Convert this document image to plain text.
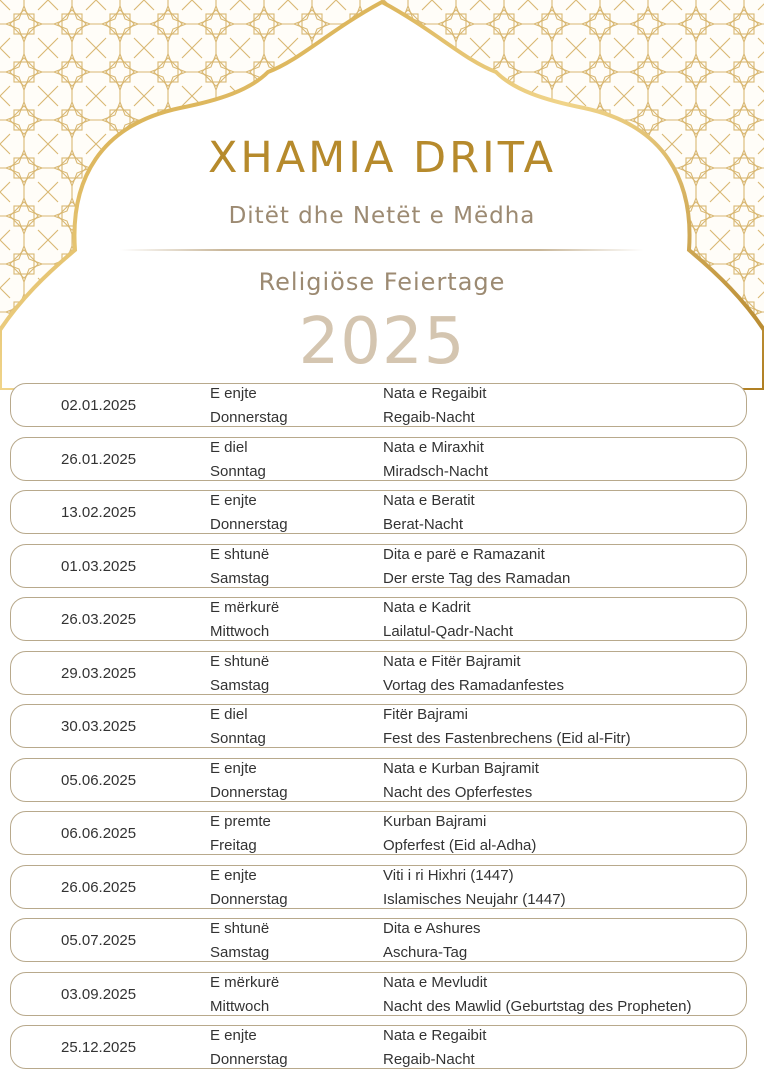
XHAMIA DRITA
Ditët dhe Netët e Mëdha
Religiöse Feiertage
2025
02.01.2025
E enjte
Donnerstag
Nata e Regaibit
Regaib-Nacht
26.01.2025
E diel
Sonntag
Nata e Miraxhit
Miradsch-Nacht
13.02.2025
E enjte
Donnerstag
Nata e Beratit
Berat-Nacht
01.03.2025
E shtunë
Samstag
Dita e parë e Ramazanit
Der erste Tag des Ramadan
26.03.2025
E mërkurë
Mittwoch
Nata e Kadrit
Lailatul-Qadr-Nacht
29.03.2025
E shtunë
Samstag
Nata e Fitër Bajramit
Vortag des Ramadanfestes
30.03.2025
E diel
Sonntag
Fitër Bajrami
Fest des Fastenbrechens (Eid al-Fitr)
05.06.2025
E enjte
Donnerstag
Nata e Kurban Bajramit
Nacht des Opferfestes
06.06.2025
E premte
Freitag
Kurban Bajrami
Opferfest (Eid al-Adha)
26.06.2025
E enjte
Donnerstag
Viti i ri Hixhri (1447)
Islamisches Neujahr (1447)
05.07.2025
E shtunë
Samstag
Dita e Ashures
Aschura-Tag
03.09.2025
E mërkurë
Mittwoch
Nata e Mevludit
Nacht des Mawlid (Geburtstag des Propheten)
25.12.2025
E enjte
Donnerstag
Nata e Regaibit
Regaib-Nacht
